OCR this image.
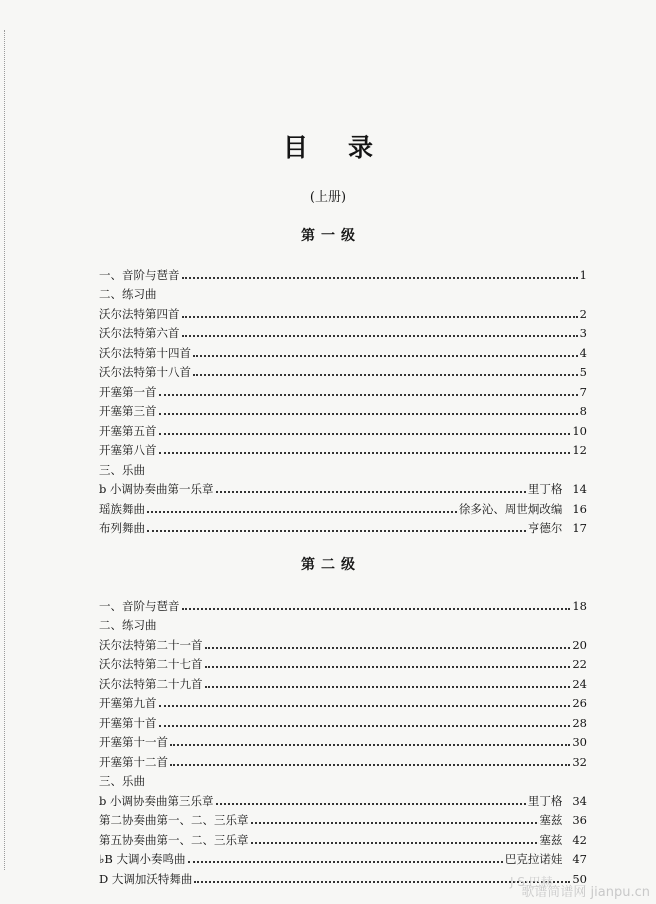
目录
(上册)
第一级
一、音阶与琶音	1
二、练习曲
沃尔法特第四首	2
沃尔法特第六首	3
沃尔法特第十四首	4
沃尔法特第十八首	5
开塞第一首	7
开塞第三首	8
开塞第五首	10
开塞第八首	12
三、乐曲
b 小调协奏曲第一乐章	里丁格 14
瑶族舞曲	徐多沁、周世炯改编 16
布列舞曲	亨德尔 17
第二级
一、音阶与琶音	18
二、练习曲
沃尔法特第二十一首	20
沃尔法特第二十七首	22
沃尔法特第二十九首	24
开塞第九首	26
开塞第十首	28
开塞第十一首	30
开塞第十二首	32
三、乐曲
b 小调协奏曲第三乐章	里丁格 34
第二协奏曲第一、二、三乐章	塞兹 36
第五协奏曲第一、二、三乐章	塞兹 42
♭B 大调小奏鸣曲	巴克拉诺娃 47
D 大调加沃特舞曲	50
J·S·巴赫
歌谱简谱网 jianpu.cn
